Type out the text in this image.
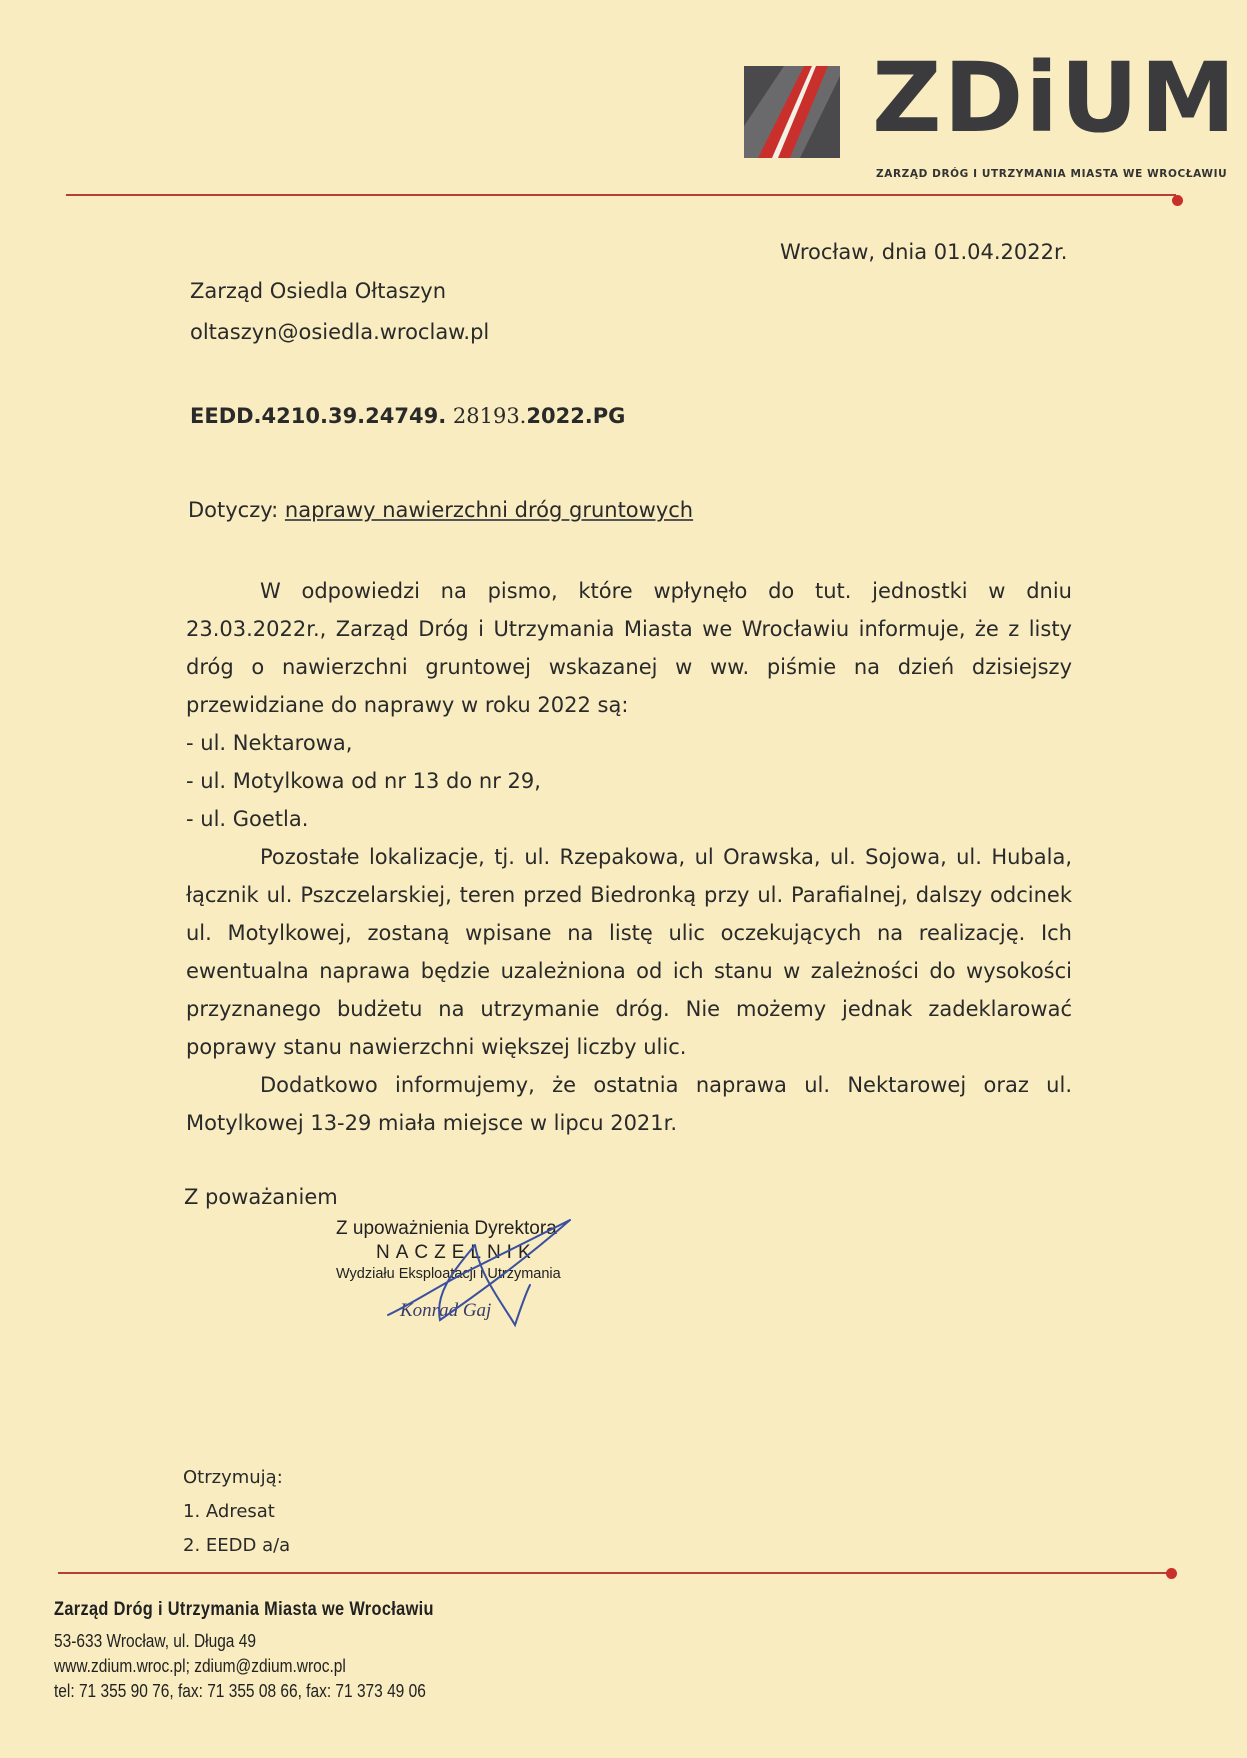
ZDiUM
ZARZĄD DRÓG I UTRZYMANIA MIASTA WE WROCŁAWIU
Wrocław, dnia 01.04.2022r.
Zarząd Osiedla Ołtaszyn
oltaszyn@osiedla.wroclaw.pl
EEDD.4210.39.24749. 28193.2022.PG
Dotyczy: naprawy nawierzchni dróg gruntowych

W odpowiedzi na pismo, które wpłynęło do tut. jednostki w dniu 23.03.2022r., Zarząd Dróg i Utrzymania Miasta we Wrocławiu informuje, że z listy dróg o nawierzchni gruntowej wskazanej w ww. piśmie na dzień dzisiejszy przewidziane do naprawy w roku 2022 są:

- ul. Nektarowa,

- ul. Motylkowa od nr 13 do nr 29,

- ul. Goetla.

Pozostałe lokalizacje, tj. ul. Rzepakowa, ul Orawska, ul. Sojowa, ul. Hubala, łącznik ul. Pszczelarskiej, teren przed Biedronką przy ul. Parafialnej, dalszy odcinek ul. Motylkowej, zostaną wpisane na listę ulic oczekujących na realizację. Ich ewentualna naprawa będzie uzależniona od ich stanu w zależności do wysokości przyznanego budżetu na utrzymanie dróg. Nie możemy jednak zadeklarować poprawy stanu nawierzchni większej liczby ulic.

Dodatkowo informujemy, że ostatnia naprawa ul. Nektarowej oraz ul. Motylkowej 13-29 miała miejsce w lipcu 2021r.

Z poważaniem
Z upoważnienia Dyrektora
NACZELNIK
Wydziału Eksploatacji i Utrzymania
Konrad Gaj
Otrzymują:
1. Adresat
2. EEDD a/a
Zarząd Dróg i Utrzymania Miasta we Wrocławiu
53-633 Wrocław, ul. Długa 49
www.zdium.wroc.pl; zdium@zdium.wroc.pl
tel: 71 355 90 76, fax: 71 355 08 66, fax: 71 373 49 06
